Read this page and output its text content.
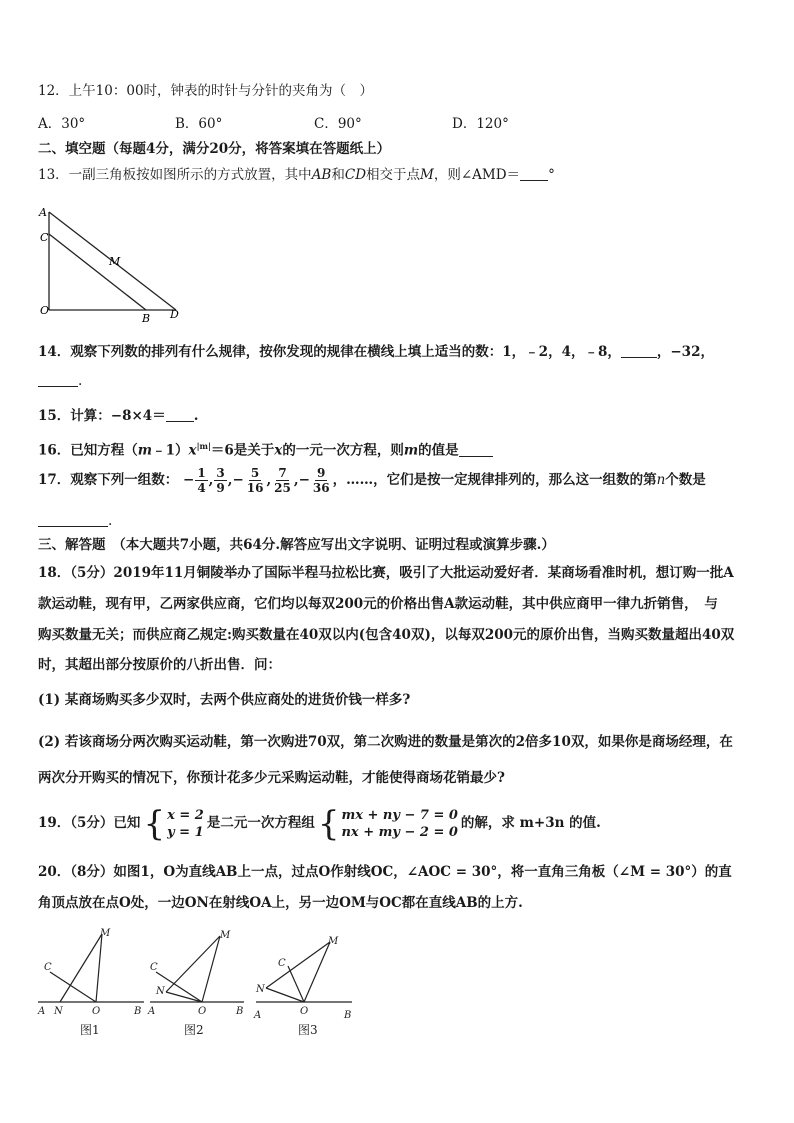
12．上午10：00时，钟表的时针与分针的夹角为（　）
A．30°	B．60°	C．90°	D．120°
二、填空题（每题4分，满分20分，将答案填在答题纸上）
13．一副三角板按如图所示的方式放置，其中AB和CD相交于点M，则∠AMD＝ °
A
C
M
O
B D
14．观察下列数的排列有什么规律，按你发现的规律在横线上填上适当的数：1，﹣2，4，﹣8，	，−32，
.
15．计算：−8×4＝ .
16．已知方程$(m﹣1)x^{|m|}=6$是关于x的一元一次方程，则m的值是
17．观察下列一组数： − $\frac{1}{4}$ , $\frac{3}{9}$ ,− $\frac{5}{16}$ , $\frac{7}{25}$ ,− $\frac{9}{36}$ ，……，它们是按一定规律排列的，那么这一组数的第n个数是
.
三、解答题　（本大题共7小题，共64分.解答应写出文字说明、证明过程或演算步骤.）
18．（5分）2019年11月铜陵举办了国际半程马拉松比赛，吸引了大批运动爱好者．某商场看准时机，想订购一批A
款运动鞋，现有甲，乙两家供应商，它们均以每双200元的价格出售A款运动鞋，其中供应商甲一律九折销售，　与
购买数量无关；而供应商乙规定:购买数量在40双以内(包含40双)，以每双200元的原价出售，当购买数量超出40双
时，其超出部分按原价的八折出售．问：
(1) 某商场购买多少双时，去两个供应商处的进货价钱一样多?
(2) 若该商场分两次购买运动鞋，第一次购进70双，第二次购进的数量是第次的2倍多10双，如果你是商场经理，在
两次分开购买的情况下，你预计花多少元采购运动鞋，才能使得商场花销最少?
19．（5分）已知 { x = 2
y = 1
是二元一次方程组 { mx + ny − 7 = 0
nx + my − 2 = 0
的解，求 m+3n 的值.
20．（8分）如图1，O为直线AB上一点，过点O作射线OC，∠AOC = 30°，将一直角三角板（∠M = 30°）的直
角顶点放在点O处，一边ON在射线OA上，另一边OM与OC都在直线AB的上方.
M
C
A N	O	B
M
C
N
A	O	B
M
C
N
A	O	B
图1	图2	图3
